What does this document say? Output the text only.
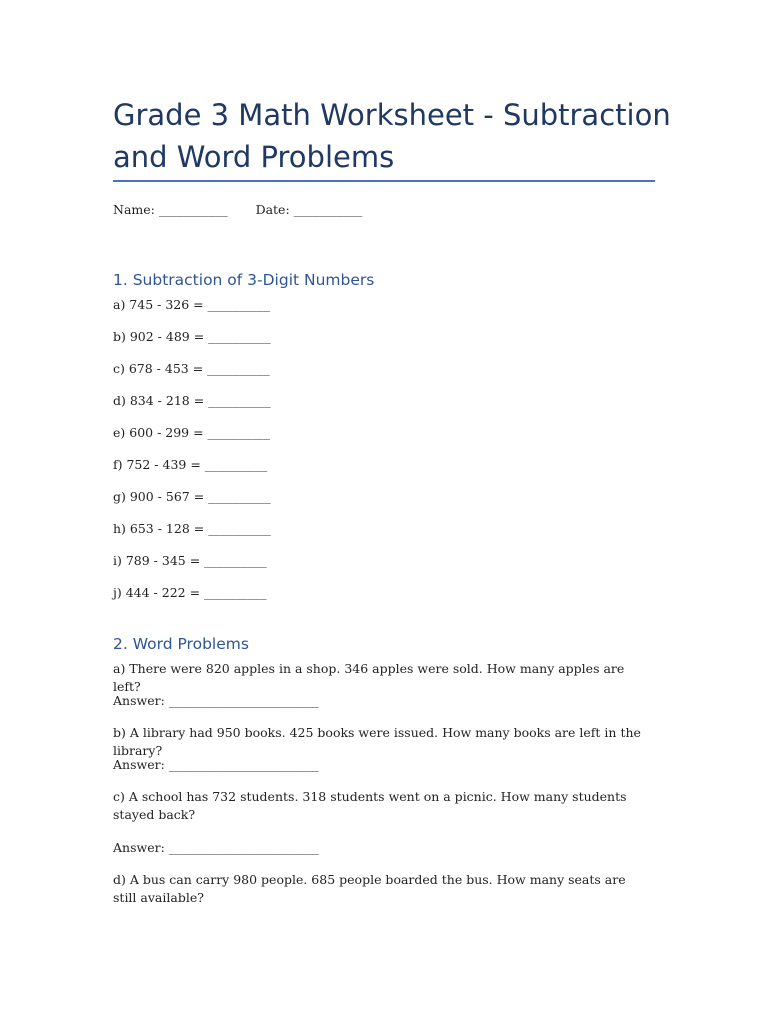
Grade 3 Math Worksheet - Subtraction and Word Problems
Name: ___________ Date: ___________
1. Subtraction of 3-Digit Numbers
a) 745 - 326 = __________
b) 902 - 489 = __________
c) 678 - 453 = __________
d) 834 - 218 = __________
e) 600 - 299 = __________
f) 752 - 439 = __________
g) 900 - 567 = __________
h) 653 - 128 = __________
i) 789 - 345 = __________
j) 444 - 222 = __________
2. Word Problems
a) There were 820 apples in a shop. 346 apples were sold. How many apples are left?
Answer: ________________________
b) A library had 950 books. 425 books were issued. How many books are left in the library?
Answer: ________________________
c) A school has 732 students. 318 students went on a picnic. How many students stayed back?
Answer: ________________________
d) A bus can carry 980 people. 685 people boarded the bus. How many seats are still available?
